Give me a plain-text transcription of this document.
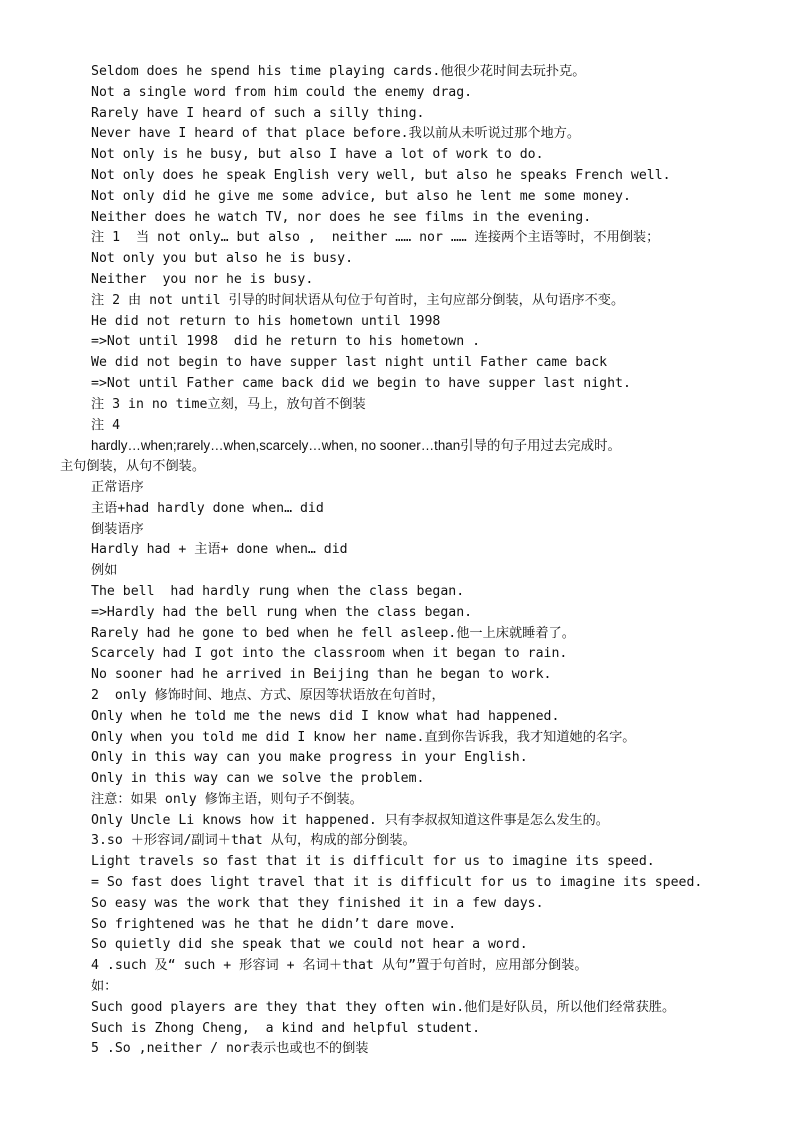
Seldom does he spend his time playing cards.他很少花时间去玩扑克。
Not a single word from him could the enemy drag.
Rarely have I heard of such a silly thing.
Never have I heard of that place before.我以前从未听说过那个地方。
Not only is he busy, but also I have a lot of work to do.
Not only does he speak English very well, but also he speaks French well.
Not only did he give me some advice, but also he lent me some money.
Neither does he watch TV, nor does he see films in the evening.
注 1  当 not only… but also ,  neither …… nor …… 连接两个主语等时，不用倒装；
Not only you but also he is busy.
Neither  you nor he is busy.
注 2 由 not until 引导的时间状语从句位于句首时，主句应部分倒装，从句语序不变。
He did not return to his hometown until 1998
=>Not until 1998  did he return to his hometown .
We did not begin to have supper last night until Father came back
=>Not until Father came back did we begin to have supper last night.
注 3 in no time立刻，马上，放句首不倒装
注 4
hardly…when;rarely…when,scarcely…when, no sooner…than引导的句子用过去完成时。
主句倒装，从句不倒装。
正常语序
主语+had hardly done when… did
倒装语序
Hardly had + 主语+ done when… did
例如
The bell  had hardly rung when the class began.
=>Hardly had the bell rung when the class began.
Rarely had he gone to bed when he fell asleep.他一上床就睡着了。
Scarcely had I got into the classroom when it began to rain.
No sooner had he arrived in Beijing than he began to work.
2  only 修饰时间、地点、方式、原因等状语放在句首时，
Only when he told me the news did I know what had happened.
Only when you told me did I know her name.直到你告诉我，我才知道她的名字。
Only in this way can you make progress in your English.
Only in this way can we solve the problem.
注意：如果 only 修饰主语，则句子不倒装。
Only Uncle Li knows how it happened. 只有李叔叔知道这件事是怎么发生的。
3.so ＋形容词/副词＋that 从句，构成的部分倒装。
Light travels so fast that it is difficult for us to imagine its speed.
= So fast does light travel that it is difficult for us to imagine its speed.
So easy was the work that they finished it in a few days.
So frightened was he that he didn’t dare move.
So quietly did she speak that we could not hear a word.
4 .such 及“ such + 形容词 + 名词＋that 从句”置于句首时，应用部分倒装。
如：
Such good players are they that they often win.他们是好队员，所以他们经常获胜。
Such is Zhong Cheng,  a kind and helpful student.
5 .So ,neither / nor表示也或也不的倒装
